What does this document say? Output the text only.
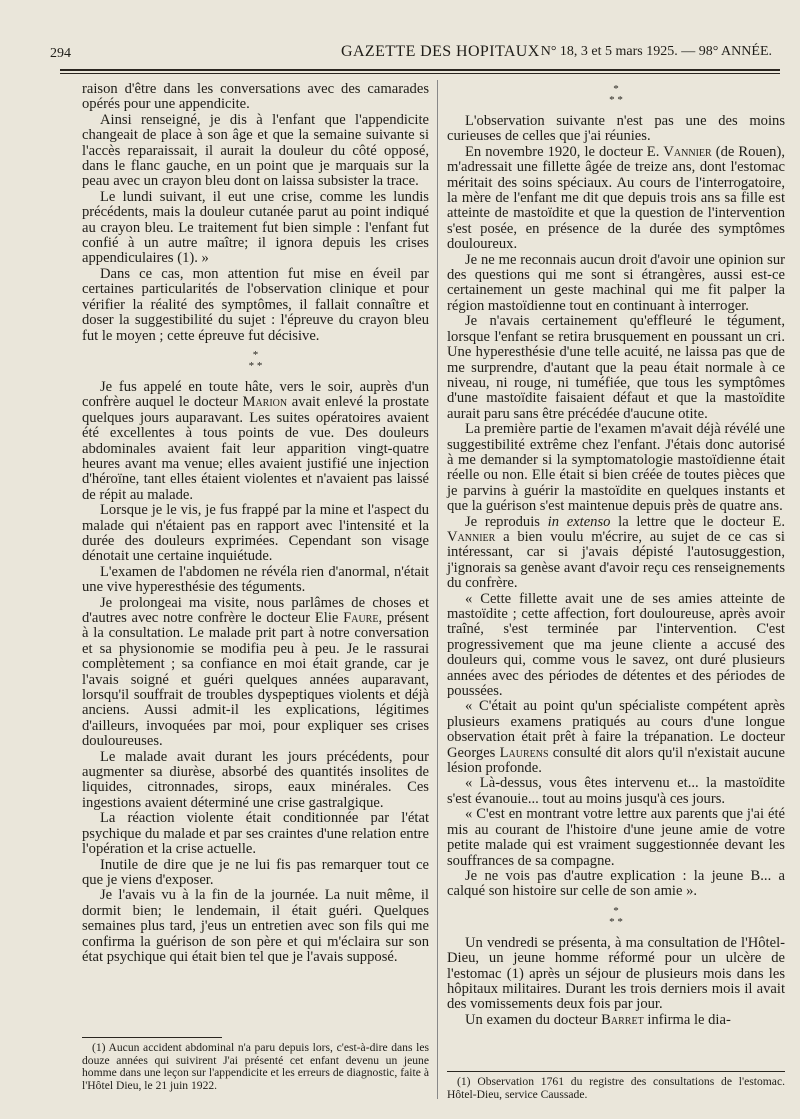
294	GAZETTE DES HOPITAUX N° 18, 3 et 5 mars 1925. — 98° ANNÉE.

raison d'être dans les conversations avec des camarades opérés pour une appendicite.

Ainsi renseigné, je dis à l'enfant que l'appendicite changeait de place à son âge et que la semaine suivante si l'accès reparaissait, il aurait la douleur du côté opposé, dans le flanc gauche, en un point que je marquais sur la peau avec un crayon bleu dont on laissa subsister la trace.

Le lundi suivant, il eut une crise, comme les lundis précédents, mais la douleur cutanée parut au point indiqué au crayon bleu. Le traitement fut bien simple : l'enfant fut confié à un autre maître; il ignora depuis les crises appendiculaires (1). »

Dans ce cas, mon attention fut mise en éveil par certaines particularités de l'observation clinique et pour vérifier la réalité des symptômes, il fallait connaître et doser la suggestibilité du sujet : l'épreuve du crayon bleu fut le moyen ; cette épreuve fut décisive.

*
* *

Je fus appelé en toute hâte, vers le soir, auprès d'un confrère auquel le docteur Marion avait enlevé la prostate quelques jours auparavant. Les suites opératoires avaient été excellentes à tous points de vue. Des douleurs abdominales avaient fait leur apparition vingt-quatre heures avant ma venue; elles avaient justifié une injection d'héroïne, tant elles étaient violentes et n'avaient pas laissé de répit au malade.

Lorsque je le vis, je fus frappé par la mine et l'aspect du malade qui n'étaient pas en rapport avec l'intensité et la durée des douleurs exprimées. Cependant son visage dénotait une certaine inquiétude.

L'examen de l'abdomen ne révéla rien d'anormal, n'était une vive hyperesthésie des téguments.

Je prolongeai ma visite, nous parlâmes de choses et d'autres avec notre confrère le docteur Elie Faure, présent à la consultation. Le malade prit part à notre conversation et sa physionomie se modifia peu à peu. Je le rassurai complètement ; sa confiance en moi était grande, car je l'avais soigné et guéri quelques années auparavant, lorsqu'il souffrait de troubles dyspeptiques violents et déjà anciens. Aussi admit-il les explications, légitimes d'ailleurs, invoquées par moi, pour expliquer ses crises douloureuses.

Le malade avait durant les jours précédents, pour augmenter sa diurèse, absorbé des quantités insolites de liquides, citronnades, sirops, eaux minérales. Ces ingestions avaient déterminé une crise gastralgique.

La réaction violente était conditionnée par l'état psychique du malade et par ses craintes d'une relation entre l'opération et la crise actuelle.

Inutile de dire que je ne lui fis pas remarquer tout ce que je viens d'exposer.

Je l'avais vu à la fin de la journée. La nuit même, il dormit bien; le lendemain, il était guéri. Quelques semaines plus tard, j'eus un entretien avec son fils qui me confirma la guérison de son père et qui m'éclaira sur son état psychique qui était bien tel que je l'avais supposé.

(1) Aucun accident abdominal n'a paru depuis lors, c'est-à-dire dans les douze années qui suivirent J'ai présenté cet enfant devenu un jeune homme dans une leçon sur l'appendicite et les erreurs de diagnostic, faite à l'Hôtel Dieu, le 21 juin 1922.

*
* *

L'observation suivante n'est pas une des moins curieuses de celles que j'ai réunies.

En novembre 1920, le docteur E. Vannier (de Rouen), m'adressait une fillette âgée de treize ans, dont l'estomac méritait des soins spéciaux. Au cours de l'interrogatoire, la mère de l'enfant me dit que depuis trois ans sa fille est atteinte de mastoïdite et que la question de l'intervention s'est posée, en présence de la durée des symptômes douloureux.

Je ne me reconnais aucun droit d'avoir une opinion sur des questions qui me sont si étrangères, aussi est-ce certainement un geste machinal qui me fit palper la région mastoïdienne tout en continuant à interroger.

Je n'avais certainement qu'effleuré le tégument, lorsque l'enfant se retira brusquement en poussant un cri. Une hyperesthésie d'une telle acuité, ne laissa pas que de me surprendre, d'autant que la peau était normale à ce niveau, ni rouge, ni tuméfiée, que tous les symptômes d'une mastoïdite faisaient défaut et que la mastoïdite aurait paru sans être précédée d'aucune otite.

La première partie de l'examen m'avait déjà révélé une suggestibilité extrême chez l'enfant. J'étais donc autorisé à me demander si la symptomatologie mastoïdienne était réelle ou non. Elle était si bien créée de toutes pièces que je parvins à guérir la mastoïdite en quelques instants et que la guérison s'est maintenue depuis près de quatre ans.

Je reproduis in extenso la lettre que le docteur E. Vannier a bien voulu m'écrire, au sujet de ce cas si intéressant, car si j'avais dépisté l'autosuggestion, j'ignorais sa genèse avant d'avoir reçu ces renseignements du confrère.

« Cette fillette avait une de ses amies atteinte de mastoïdite ; cette affection, fort douloureuse, après avoir traîné, s'est terminée par l'intervention. C'est progressivement que ma jeune cliente a accusé des douleurs qui, comme vous le savez, ont duré plusieurs années avec des périodes de détentes et des périodes de poussées.

« C'était au point qu'un spécialiste compétent après plusieurs examens pratiqués au cours d'une longue observation était prêt à faire la trépanation. Le docteur Georges Laurens consulté dit alors qu'il n'existait aucune lésion profonde.

« Là-dessus, vous êtes intervenu et... la mastoïdite s'est évanouie... tout au moins jusqu'à ces jours.

« C'est en montrant votre lettre aux parents que j'ai été mis au courant de l'histoire d'une jeune amie de votre petite malade qui est vraiment suggestionnée devant les souffrances de sa compagne.

Je ne vois pas d'autre explication : la jeune B... a calqué son histoire sur celle de son amie ».

*
* *

Un vendredi se présenta, à ma consultation de l'Hôtel-Dieu, un jeune homme réformé pour un ulcère de l'estomac (1) après un séjour de plusieurs mois dans les hôpitaux militaires. Durant les trois derniers mois il avait des vomissements deux fois par jour.

Un examen du docteur Barret infirma le dia-

(1) Observation 1761 du registre des consultations de l'estomac. Hôtel-Dieu, service Caussade.
